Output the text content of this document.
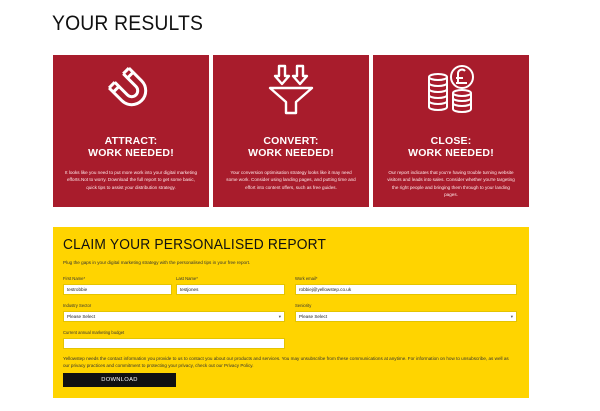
YOUR RESULTS
ATTRACT:
WORK NEEDED!
It looks like you need to put more work into your digital marketing efforts.Not to worry. Download the full report to get some basic, quick tips to assist your distribution strategy.
CONVERT:
WORK NEEDED!
Your conversion optimisation strategy looks like it may need some work. Consider using landing pages, and putting time and effort into content offers, such as free guides.
CLOSE:
WORK NEEDED!
Our report indicates that you're having trouble turning website visitors and leads into sales. Consider whether you're targeting the right people and bringing them through to your landing pages.
CLAIM YOUR PERSONALISED REPORT
Plug the gaps in your digital marketing strategy with the personalised tips in your free report.
First Name*
testrobbie
Last Name*
testjones
Work email*
robbiej@yellowstep.co.uk
Industry Sector
Please Select	▾
Seniority
Please Select	▾
Current annual marketing budget
Yellowstep needs the contact information you provide to us to contact you about our products and services. You may unsubscribe from these communications at anytime. For information on how to unsubscribe, as well as our privacy practices and commitment to protecting your privacy, check out our Privacy Policy.
DOWNLOAD
